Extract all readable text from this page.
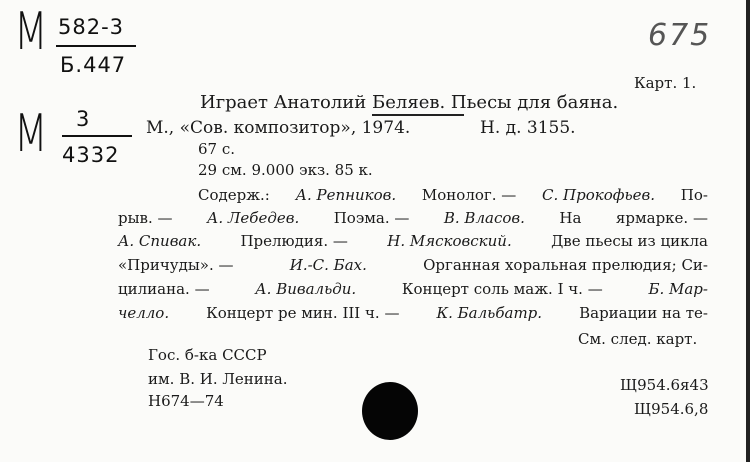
М 582-3
Б.447
М 3
4332
675
Карт. 1.
Играет Анатолий Беляев. Пьесы для баяна.
М., «Сов. композитор», 1974.	Н. д. 3155.
67 с.
29 см. 9.000 экз. 85 к.
Содерж.: А. Репников. Монолог. — С. Прокофьев. По-
рыв. — А. Лебедев. Поэма. — В. Власов. На ярмарке. —
А. Спивак.	Прелюдия. —	Н. Мясковский.	Две пьесы из цикла
«Причуды». —	И.-С. Бах.	Органная хоральная прелюдия; Си-
цилиана. —	А. Вивальди.	Концерт соль маж. I ч. —	Б. Мар-
челло. Концерт ре мин. III ч. — К. Бальбатр. Вариации на те-
См. след. карт.
Гос. б-ка СССР
им. В. И. Ленина.
Н674—74
Щ954.6я43
Щ954.6,8
